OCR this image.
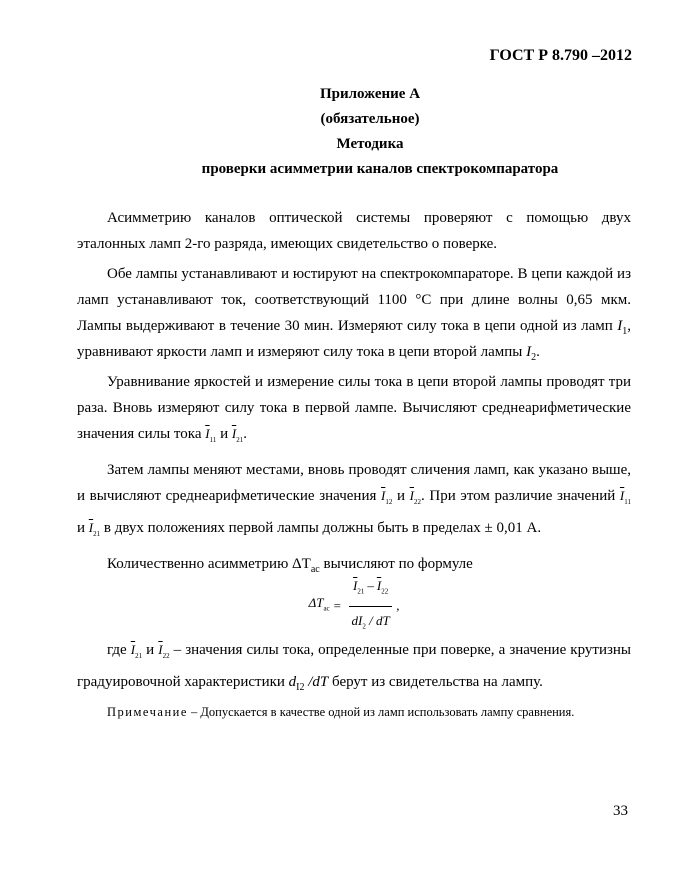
ГОСТ Р 8.790 –2012

Приложение А

(обязательное)

Методика

проверки асимметрии каналов спектрокомпаратора

Асимметрию каналов оптической системы проверяют с помощью двух эталонных ламп 2-го разряда, имеющих свидетельство о поверке.

Обе лампы устанавливают и юстируют на спектрокомпараторе. В цепи каждой из ламп устанавливают ток, соответствующий 1100 °С при длине волны 0,65 мкм. Лампы выдерживают в течение 30 мин. Измеряют силу тока в цепи одной из ламп $I_1$, уравнивают яркости ламп и измеряют силу тока в цепи второй лампы $I_2$.

Уравнивание яркостей и измерение силы тока в цепи второй лампы проводят три раза. Вновь измеряют силу тока в первой лампе. Вычисляют среднеарифметические значения силы тока $\overline{I}_{11}$ и $\overline{I}_{21}$.

Затем лампы меняют местами, вновь проводят сличения ламп, как указано выше, и вычисляют среднеарифметические значения $\overline{I}_{12}$ и $\overline{I}_{22}$. При этом различие значений $\overline{I}_{11}$ и $\overline{I}_{21}$ в двух положениях первой лампы должны быть в пределах ± 0,01 А.

Количественно асимметрию $\Delta T_{ac}$ вычисляют по формуле

$\Delta T_{ac} = \frac{\overline{I}_{21} - \overline{I}_{22}}{dI_2 / dT}$ ,

где $\overline{I}_{21}$ и $\overline{I}_{22}$ – значения силы тока, определенные при поверке, а значение крутизны градуировочной характеристики $d_{I2}$ /dT берут из свидетельства на лампу.

Примечание – Допускается в качестве одной из ламп использовать лампу сравнения.

33
